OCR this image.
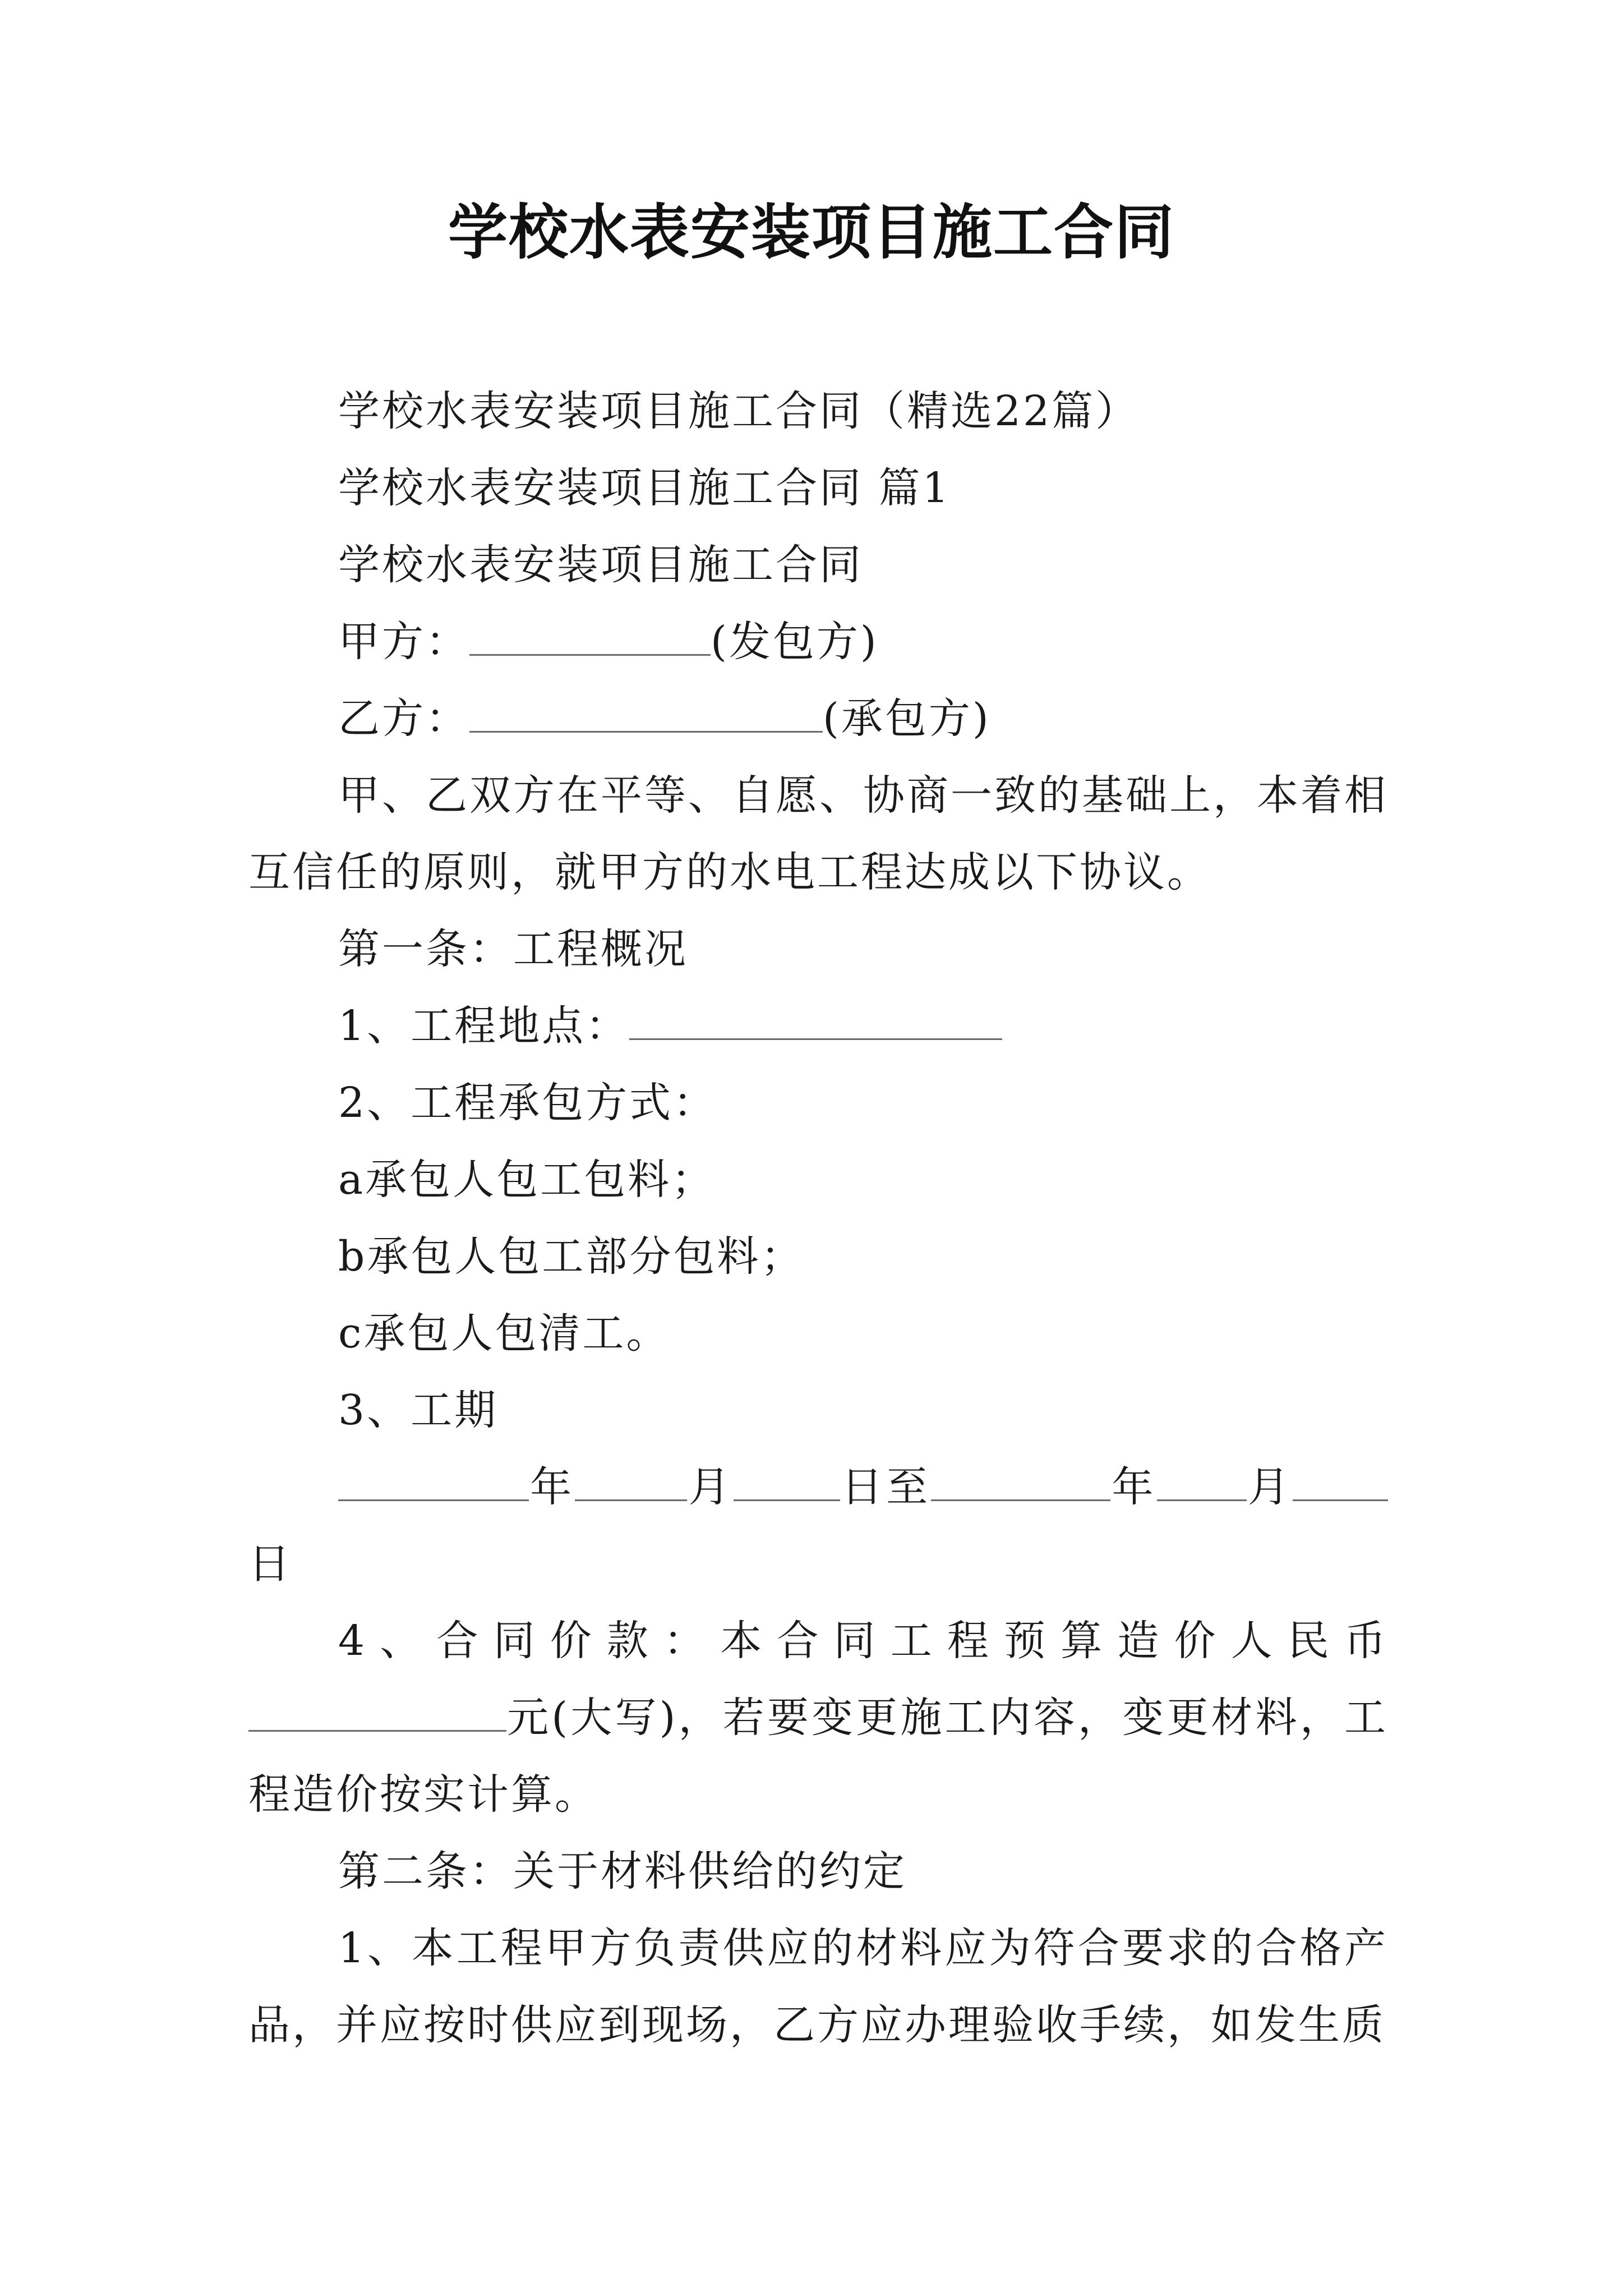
学校水表安装项目施工合同

学校水表安装项目施工合同（精选22篇）

学校水表安装项目施工合同 篇1

学校水表安装项目施工合同

甲方：	(发包方)

乙方：	(承包方)

甲、乙双方在平等、自愿、协商一致的基础上，本着相互信任的原则，就甲方的水电工程达成以下协议。

第一条：工程概况

1、工程地点：

2、工程承包方式：

a承包人包工包料；

b承包人包工部分包料；

c承包人包清工。

3、工期

年	月	日至	年 月

日

4、合同价款：本合同工程预算造价人民币元(大写)，若要变更施工内容，变更材料，工程造价按实计算。

第二条：关于材料供给的约定

1、本工程甲方负责供应的材料应为符合要求的合格产品，并应按时供应到现场，乙方应办理验收手续，如发生质
